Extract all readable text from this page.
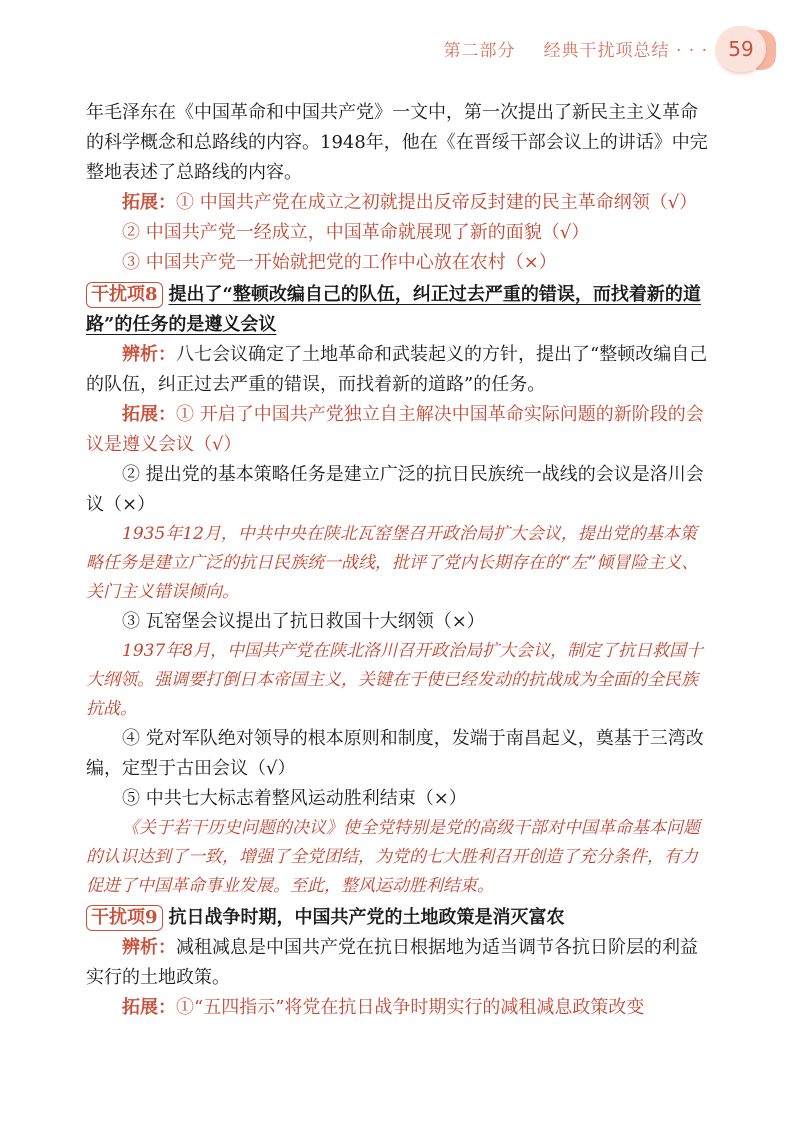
第二部分 经典干扰项总结 · · ·	59

年毛泽东在《中国革命和中国共产党》一文中，第一次提出了新民主主义革命的科学概念和总路线的内容。1948年，他在《在晋绥干部会议上的讲话》中完整地表述了总路线的内容。

拓展：① 中国共产党在成立之初就提出反帝反封建的民主革命纲领（√）

② 中国共产党一经成立，中国革命就展现了新的面貌（√）

③ 中国共产党一开始就把党的工作中心放在农村（×）

干扰项8 提出了“整顿改编自己的队伍，纠正过去严重的错误，而找着新的道路”的任务的是遵义会议

辨析：八七会议确定了土地革命和武装起义的方针，提出了“整顿改编自己的队伍，纠正过去严重的错误，而找着新的道路”的任务。

拓展：① 开启了中国共产党独立自主解决中国革命实际问题的新阶段的会议是遵义会议（√）

② 提出党的基本策略任务是建立广泛的抗日民族统一战线的会议是洛川会议（×）

1935年12月，中共中央在陕北瓦窑堡召开政治局扩大会议，提出党的基本策略任务是建立广泛的抗日民族统一战线，批评了党内长期存在的“左”倾冒险主义、关门主义错误倾向。

③ 瓦窑堡会议提出了抗日救国十大纲领（×）

1937年8月，中国共产党在陕北洛川召开政治局扩大会议，制定了抗日救国十大纲领。强调要打倒日本帝国主义，关键在于使已经发动的抗战成为全面的全民族抗战。

④ 党对军队绝对领导的根本原则和制度，发端于南昌起义，奠基于三湾改编，定型于古田会议（√）

⑤ 中共七大标志着整风运动胜利结束（×）

《关于若干历史问题的决议》使全党特别是党的高级干部对中国革命基本问题的认识达到了一致，增强了全党团结，为党的七大胜利召开创造了充分条件，有力促进了中国革命事业发展。至此，整风运动胜利结束。

干扰项9 抗日战争时期，中国共产党的土地政策是消灭富农

辨析：减租减息是中国共产党在抗日根据地为适当调节各抗日阶层的利益实行的土地政策。

拓展：①“五四指示”将党在抗日战争时期实行的减租减息政策改变
